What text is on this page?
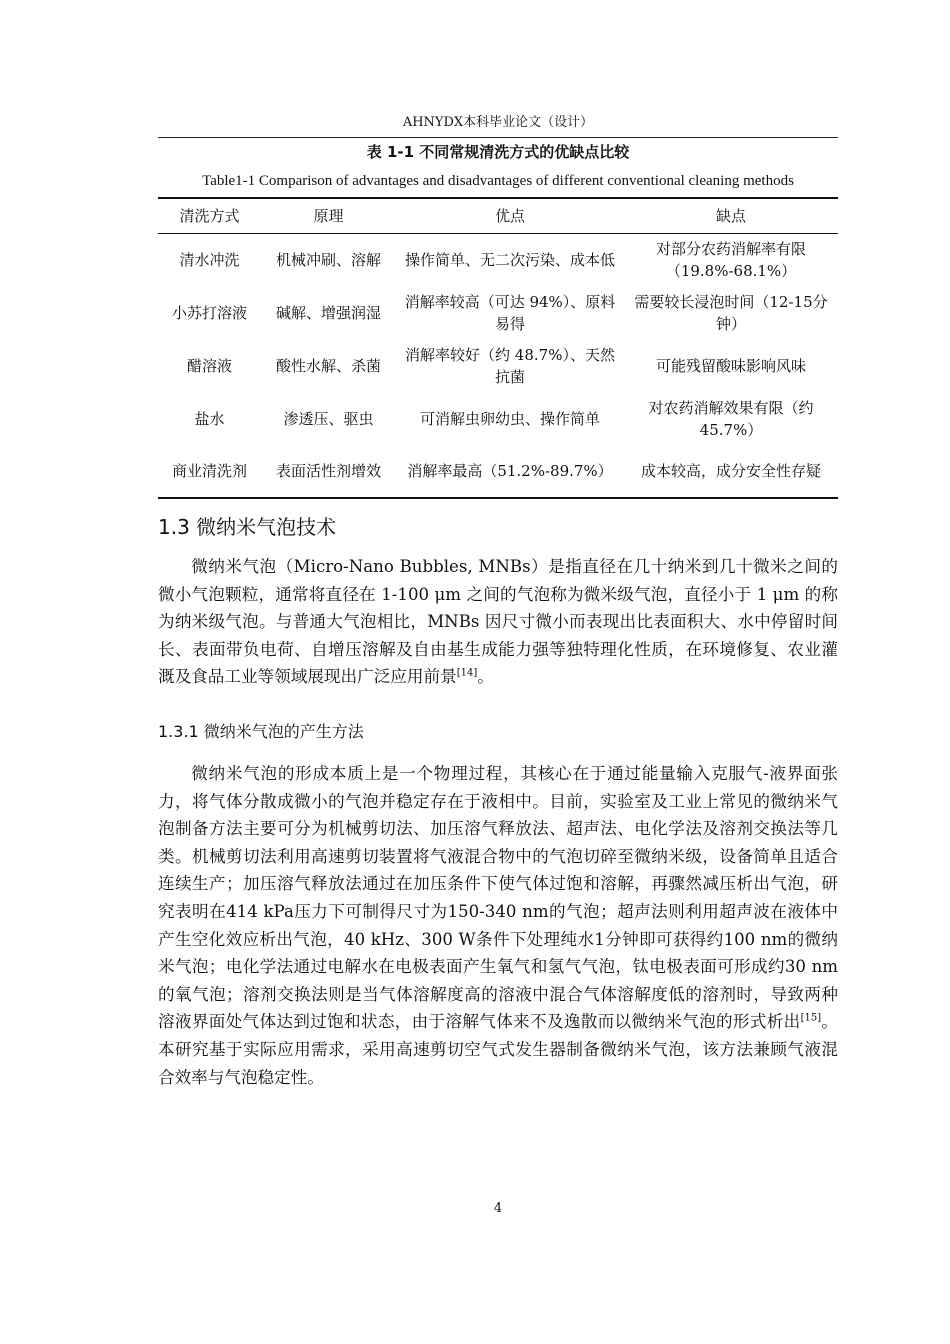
AHNYDX本科毕业论文（设计）
表 1-1 不同常规清洗方式的优缺点比较
Table1-1 Comparison of advantages and disadvantages of different conventional cleaning methods
清洗方式	原理	优点	缺点
清水冲洗	机械冲刷、溶解	操作简单、无二次污染、成本低	对部分农药消解率有限（19.8%-68.1%）
小苏打溶液	碱解、增强润湿	消解率较高（可达 94%）、原料易得	需要较长浸泡时间（12-15分钟）
醋溶液	酸性水解、杀菌	消解率较好（约 48.7%）、天然抗菌	可能残留酸味影响风味
盐水	渗透压、驱虫	可消解虫卵幼虫、操作简单	对农药消解效果有限（约 45.7%）
商业清洗剂	表面活性剂增效	消解率最高（51.2%-89.7%）	成本较高，成分安全性存疑
1.3 微纳米气泡技术

微纳米气泡（Micro-Nano Bubbles, MNBs）是指直径在几十纳米到几十微米之间的微小气泡颗粒，通常将直径在 1-100 μm 之间的气泡称为微米级气泡，直径小于 1 μm 的称为纳米级气泡。与普通大气泡相比，MNBs 因尺寸微小而表现出比表面积大、水中停留时间长、表面带负电荷、自增压溶解及自由基生成能力强等独特理化性质，在环境修复、农业灌溉及食品工业等领域展现出广泛应用前景[14]。

1.3.1 微纳米气泡的产生方法

微纳米气泡的形成本质上是一个物理过程，其核心在于通过能量输入克服气-液界面张力，将气体分散成微小的气泡并稳定存在于液相中。目前，实验室及工业上常见的微纳米气泡制备方法主要可分为机械剪切法、加压溶气释放法、超声法、电化学法及溶剂交换法等几类。机械剪切法利用高速剪切装置将气液混合物中的气泡切碎至微纳米级，设备简单且适合连续生产；加压溶气释放法通过在加压条件下使气体过饱和溶解，再骤然减压析出气泡，研究表明在414 kPa压力下可制得尺寸为150-340 nm的气泡；超声法则利用超声波在液体中产生空化效应析出气泡，40 kHz、300 W条件下处理纯水1分钟即可获得约100 nm的微纳米气泡；电化学法通过电解水在电极表面产生氧气和氢气气泡，钛电极表面可形成约30 nm的氧气泡；溶剂交换法则是当气体溶解度高的溶液中混合气体溶解度低的溶剂时，导致两种溶液界面处气体达到过饱和状态，由于溶解气体来不及逸散而以微纳米气泡的形式析出[15]。本研究基于实际应用需求，采用高速剪切空气式发生器制备微纳米气泡，该方法兼顾气液混合效率与气泡稳定性。

4
